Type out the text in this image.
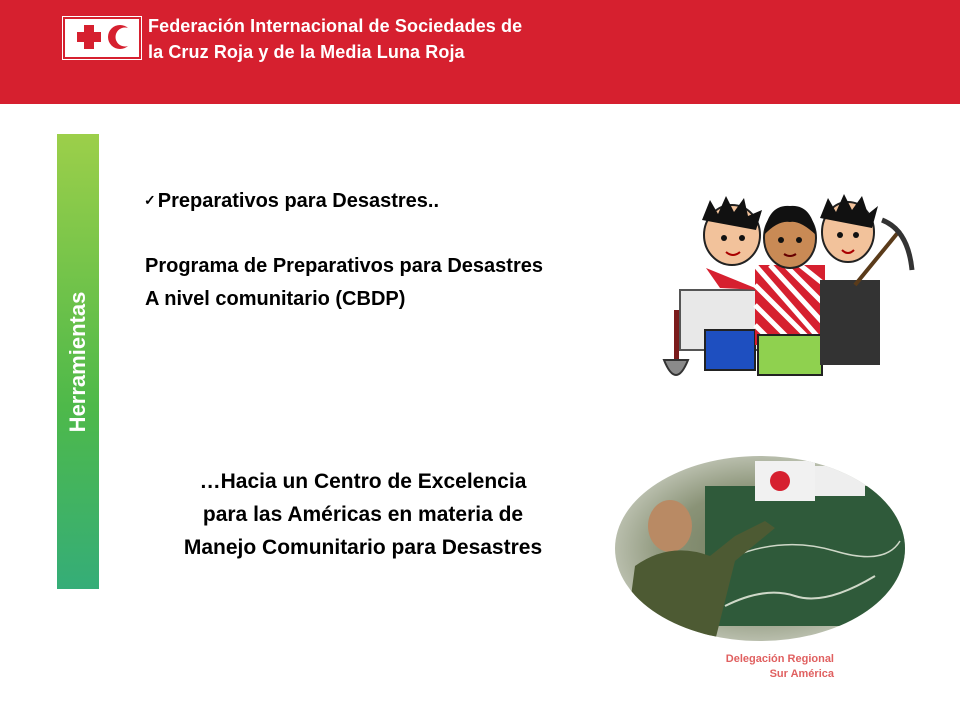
Federación Internacional de Sociedades de
la Cruz Roja y de la Media Luna Roja
Herramientas
✓ Preparativos para Desastres..
Programa de Preparativos para Desastres
A nivel comunitario (CBDP)
…Hacia un Centro de Excelencia
para las Américas en materia de
Manejo Comunitario para Desastres
Delegación Regional
Sur América
